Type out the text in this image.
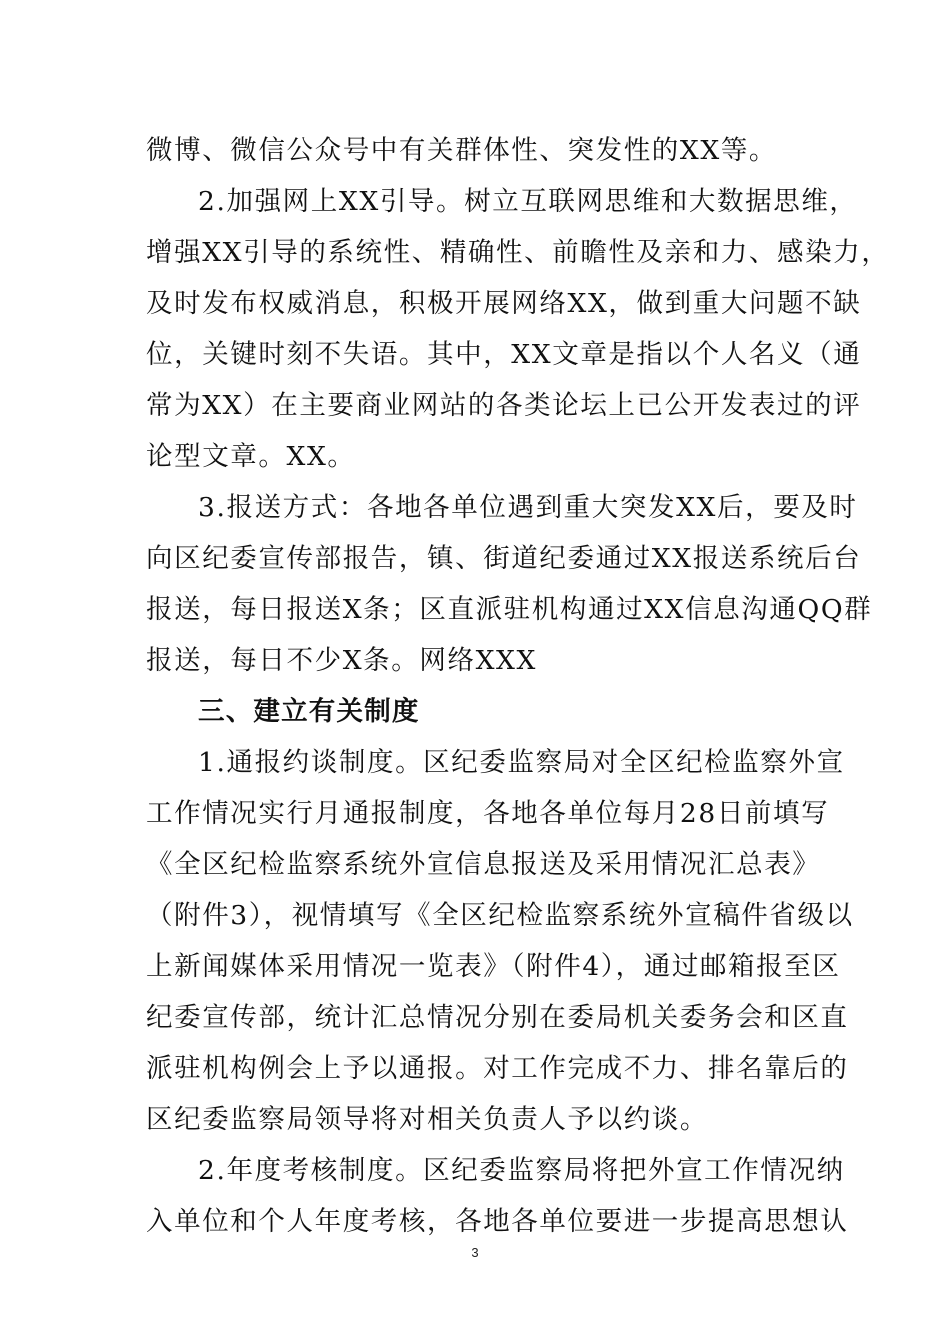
微博、微信公众号中有关群体性、突发性的XX等。
2.加强网上XX引导。树立互联网思维和大数据思维，
增强XX引导的系统性、精确性、前瞻性及亲和力、感染力，
及时发布权威消息，积极开展网络XX，做到重大问题不缺
位，关键时刻不失语。其中，XX文章是指以个人名义（通
常为XX）在主要商业网站的各类论坛上已公开发表过的评
论型文章。XX。
3.报送方式：各地各单位遇到重大突发XX后，要及时
向区纪委宣传部报告，镇、街道纪委通过XX报送系统后台
报送，每日报送X条；区直派驻机构通过XX信息沟通QQ群
报送，每日不少X条。网络XXX
三、建立有关制度
1.通报约谈制度。区纪委监察局对全区纪检监察外宣
工作情况实行月通报制度，各地各单位每月28日前填写
《全区纪检监察系统外宣信息报送及采用情况汇总表》
（附件3），视情填写《全区纪检监察系统外宣稿件省级以
上新闻媒体采用情况一览表》（附件4），通过邮箱报至区
纪委宣传部，统计汇总情况分别在委局机关委务会和区直
派驻机构例会上予以通报。对工作完成不力、排名靠后的
区纪委监察局领导将对相关负责人予以约谈。
2.年度考核制度。区纪委监察局将把外宣工作情况纳
入单位和个人年度考核，各地各单位要进一步提高思想认
3
